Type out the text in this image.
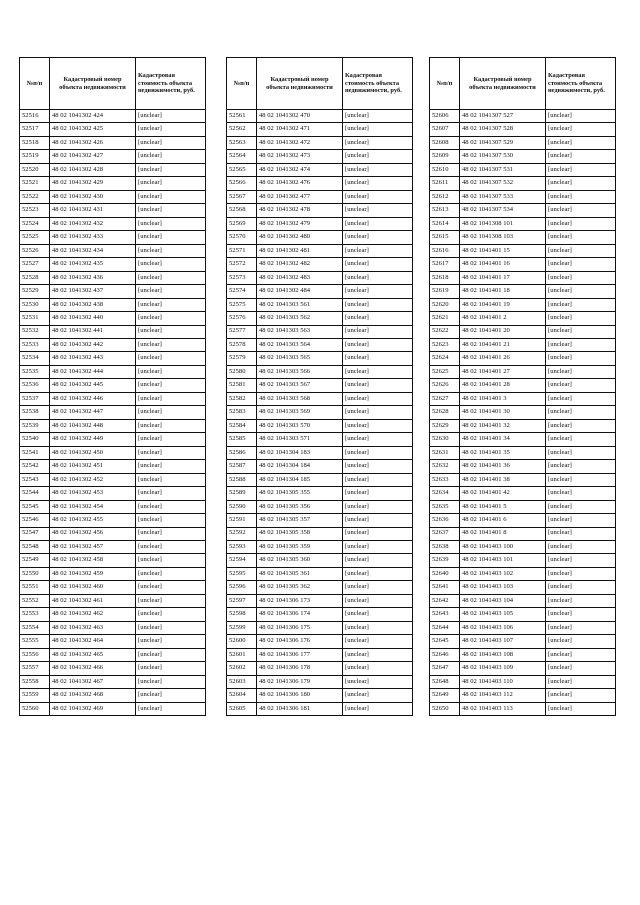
№п/п	Кадастровый номер объекта недвижимости	Кадастровая стоимость объекта недвижимости, руб.
52516	48 02 1041302 424	[unclear]
52517	48 02 1041302 425	[unclear]
52518	48 02 1041302 426	[unclear]
52519	48 02 1041302 427	[unclear]
52520	48 02 1041302 428	[unclear]
52521	48 02 1041302 429	[unclear]
52522	48 02 1041302 430	[unclear]
52523	48 02 1041302 431	[unclear]
52524	48 02 1041302 432	[unclear]
52525	48 02 1041302 433	[unclear]
52526	48 02 1041302 434	[unclear]
52527	48 02 1041302 435	[unclear]
52528	48 02 1041302 436	[unclear]
52529	48 02 1041302 437	[unclear]
52530	48 02 1041302 438	[unclear]
52531	48 02 1041302 440	[unclear]
52532	48 02 1041302 441	[unclear]
52533	48 02 1041302 442	[unclear]
52534	48 02 1041302 443	[unclear]
52535	48 02 1041302 444	[unclear]
52536	48 02 1041302 445	[unclear]
52537	48 02 1041302 446	[unclear]
52538	48 02 1041302 447	[unclear]
52539	48 02 1041302 448	[unclear]
52540	48 02 1041302 449	[unclear]
52541	48 02 1041302 450	[unclear]
52542	48 02 1041302 451	[unclear]
52543	48 02 1041302 452	[unclear]
52544	48 02 1041302 453	[unclear]
52545	48 02 1041302 454	[unclear]
52546	48 02 1041302 455	[unclear]
52547	48 02 1041302 456	[unclear]
52548	48 02 1041302 457	[unclear]
52549	48 02 1041302 458	[unclear]
52550	48 02 1041302 459	[unclear]
52551	48 02 1041302 460	[unclear]
52552	48 02 1041302 461	[unclear]
52553	48 02 1041302 462	[unclear]
52554	48 02 1041302 463	[unclear]
52555	48 02 1041302 464	[unclear]
52556	48 02 1041302 465	[unclear]
52557	48 02 1041302 466	[unclear]
52558	48 02 1041302 467	[unclear]
52559	48 02 1041302 468	[unclear]
52560	48 02 1041302 469	[unclear]
№п/п	Кадастровый номер объекта недвижимости	Кадастровая стоимость объекта недвижимости, руб.
52561	48 02 1041302 470	[unclear]
52562	48 02 1041302 471	[unclear]
52563	48 02 1041302 472	[unclear]
52564	48 02 1041302 473	[unclear]
52565	48 02 1041302 474	[unclear]
52566	48 02 1041302 476	[unclear]
52567	48 02 1041302 477	[unclear]
52568	48 02 1041302 478	[unclear]
52569	48 02 1041302 479	[unclear]
52570	48 02 1041302 480	[unclear]
52571	48 02 1041302 481	[unclear]
52572	48 02 1041302 482	[unclear]
52573	48 02 1041302 483	[unclear]
52574	48 02 1041302 484	[unclear]
52575	48 02 1041303 561	[unclear]
52576	48 02 1041303 562	[unclear]
52577	48 02 1041303 563	[unclear]
52578	48 02 1041303 564	[unclear]
52579	48 02 1041303 565	[unclear]
52580	48 02 1041303 566	[unclear]
52581	48 02 1041303 567	[unclear]
52582	48 02 1041303 568	[unclear]
52583	48 02 1041303 569	[unclear]
52584	48 02 1041303 570	[unclear]
52585	48 02 1041303 571	[unclear]
52586	48 02 1041304 183	[unclear]
52587	48 02 1041304 184	[unclear]
52588	48 02 1041304 185	[unclear]
52589	48 02 1041305 355	[unclear]
52590	48 02 1041305 356	[unclear]
52591	48 02 1041305 357	[unclear]
52592	48 02 1041305 358	[unclear]
52593	48 02 1041305 359	[unclear]
52594	48 02 1041305 360	[unclear]
52595	48 02 1041305 361	[unclear]
52596	48 02 1041305 362	[unclear]
52597	48 02 1041306 173	[unclear]
52598	48 02 1041306 174	[unclear]
52599	48 02 1041306 175	[unclear]
52600	48 02 1041306 176	[unclear]
52601	48 02 1041306 177	[unclear]
52602	48 02 1041306 178	[unclear]
52603	48 02 1041306 179	[unclear]
52604	48 02 1041306 180	[unclear]
52605	48 02 1041306 181	[unclear]
№п/п	Кадастровый номер объекта недвижимости	Кадастровая стоимость объекта недвижимости, руб.
52606	48 02 1041307 527	[unclear]
52607	48 02 1041307 528	[unclear]
52608	48 02 1041307 529	[unclear]
52609	48 02 1041307 530	[unclear]
52610	48 02 1041307 531	[unclear]
52611	48 02 1041307 532	[unclear]
52612	48 02 1041307 533	[unclear]
52613	48 02 1041307 534	[unclear]
52614	48 02 1041308 101	[unclear]
52615	48 02 1041308 103	[unclear]
52616	48 02 1041401 15	[unclear]
52617	48 02 1041401 16	[unclear]
52618	48 02 1041401 17	[unclear]
52619	48 02 1041401 18	[unclear]
52620	48 02 1041401 19	[unclear]
52621	48 02 1041401 2	[unclear]
52622	48 02 1041401 20	[unclear]
52623	48 02 1041401 21	[unclear]
52624	48 02 1041401 26	[unclear]
52625	48 02 1041401 27	[unclear]
52626	48 02 1041401 28	[unclear]
52627	48 02 1041401 3	[unclear]
52628	48 02 1041401 30	[unclear]
52629	48 02 1041401 32	[unclear]
52630	48 02 1041401 34	[unclear]
52631	48 02 1041401 35	[unclear]
52632	48 02 1041401 36	[unclear]
52633	48 02 1041401 38	[unclear]
52634	48 02 1041401 42	[unclear]
52635	48 02 1041401 5	[unclear]
52636	48 02 1041401 6	[unclear]
52637	48 02 1041401 8	[unclear]
52638	48 02 1041403 100	[unclear]
52639	48 02 1041403 101	[unclear]
52640	48 02 1041403 102	[unclear]
52641	48 02 1041403 103	[unclear]
52642	48 02 1041403 104	[unclear]
52643	48 02 1041403 105	[unclear]
52644	48 02 1041403 106	[unclear]
52645	48 02 1041403 107	[unclear]
52646	48 02 1041403 108	[unclear]
52647	48 02 1041403 109	[unclear]
52648	48 02 1041403 110	[unclear]
52649	48 02 1041403 112	[unclear]
52650	48 02 1041403 113	[unclear]
